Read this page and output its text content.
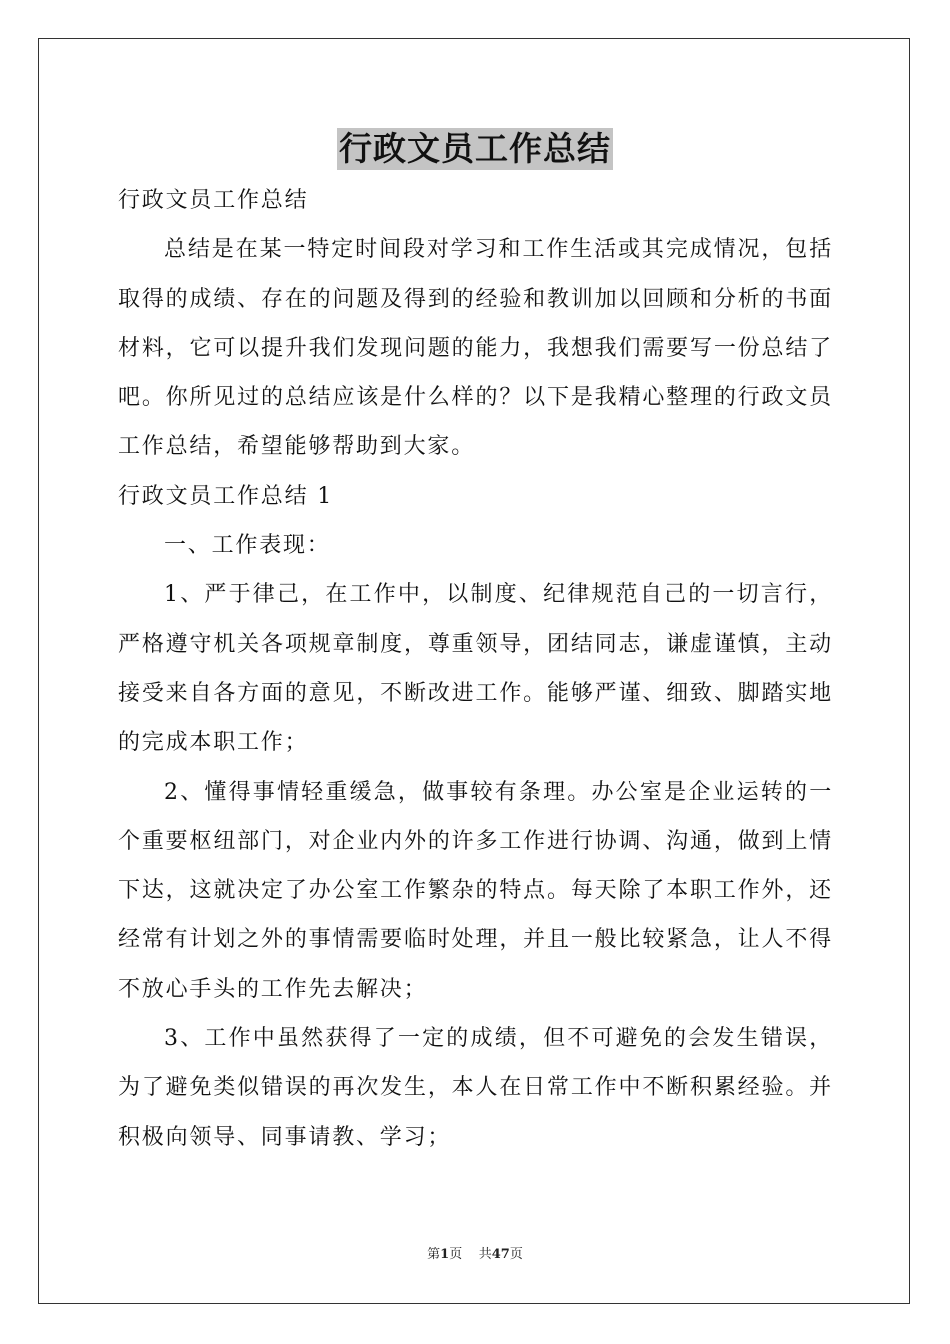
行政文员工作总结

行政文员工作总结

总结是在某一特定时间段对学习和工作生活或其完成情况，包括取得的成绩、存在的问题及得到的经验和教训加以回顾和分析的书面材料，它可以提升我们发现问题的能力，我想我们需要写一份总结了吧。你所见过的总结应该是什么样的？以下是我精心整理的行政文员工作总结，希望能够帮助到大家。

行政文员工作总结 1

一、工作表现：

1、严于律己，在工作中，以制度、纪律规范自己的一切言行，严格遵守机关各项规章制度，尊重领导，团结同志，谦虚谨慎，主动接受来自各方面的意见，不断改进工作。能够严谨、细致、脚踏实地的完成本职工作；

2、懂得事情轻重缓急，做事较有条理。办公室是企业运转的一个重要枢纽部门，对企业内外的许多工作进行协调、沟通，做到上情下达，这就决定了办公室工作繁杂的特点。每天除了本职工作外，还经常有计划之外的事情需要临时处理，并且一般比较紧急，让人不得不放心手头的工作先去解决；

3、工作中虽然获得了一定的成绩，但不可避免的会发生错误，为了避免类似错误的再次发生，本人在日常工作中不断积累经验。并积极向领导、同事请教、学习；

第1页 共47页
